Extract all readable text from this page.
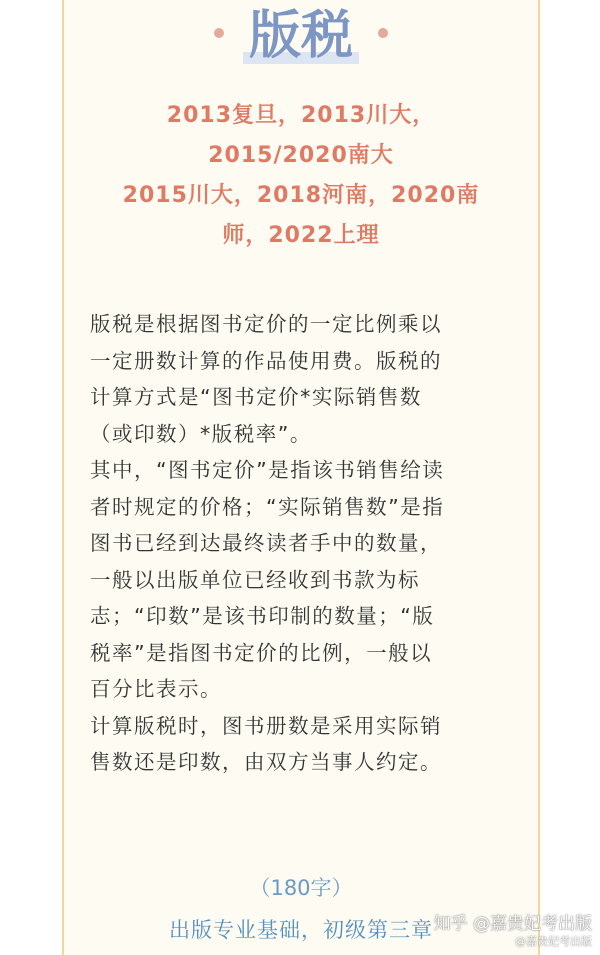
版税
2013复旦，2013川大，
2015/2020南大
2015川大，2018河南，2020南
师，2022上理
版税是根据图书定价的一定比例乘以
一定册数计算的作品使用费。版税的
计算方式是“图书定价*实际销售数
（或印数）*版税率”。
其中，“图书定价”是指该书销售给读
者时规定的价格；“实际销售数”是指
图书已经到达最终读者手中的数量，
一般以出版单位已经收到书款为标
志；“印数”是该书印制的数量；“版
税率”是指图书定价的比例，一般以
百分比表示。
计算版税时，图书册数是采用实际销
售数还是印数，由双方当事人约定。
（180字）
出版专业基础，初级第三章 知乎 @嘉贵妃考出版
@嘉贵妃考出版
